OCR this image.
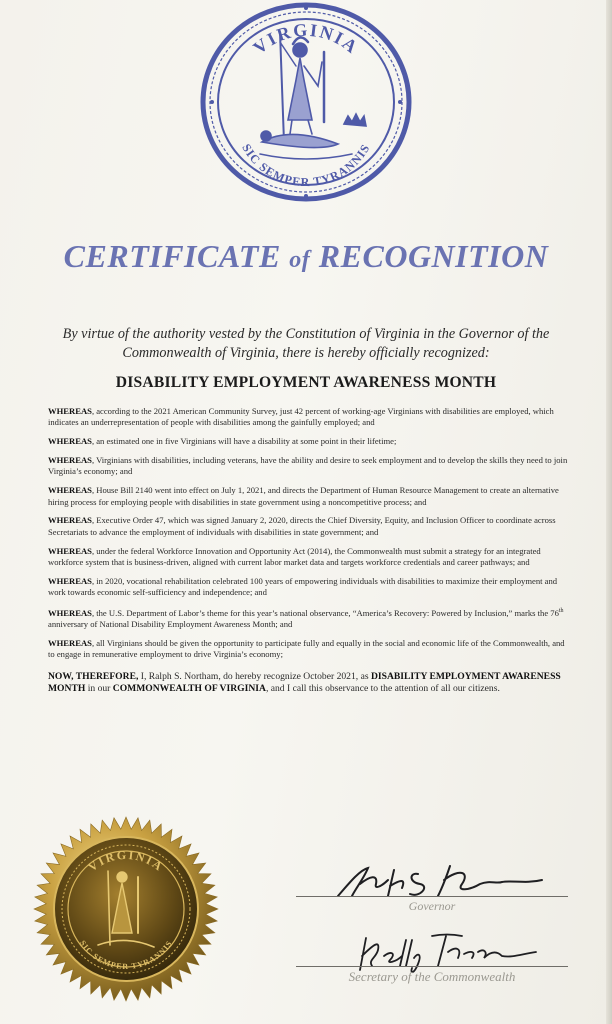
VIRGINIA
SIC SEMPER TYRANNIS
CERTIFICATE of RECOGNITION
By virtue of the authority vested by the Constitution of Virginia in the Governor of the Commonwealth of Virginia, there is hereby officially recognized:
DISABILITY EMPLOYMENT AWARENESS MONTH

WHEREAS, according to the 2021 American Community Survey, just 42 percent of working-age Virginians with disabilities are employed, which indicates an underrepresentation of people with disabilities among the gainfully employed; and

WHEREAS, an estimated one in five Virginians will have a disability at some point in their lifetime;

WHEREAS, Virginians with disabilities, including veterans, have the ability and desire to seek employment and to develop the skills they need to join Virginia’s economy; and

WHEREAS, House Bill 2140 went into effect on July 1, 2021, and directs the Department of Human Resource Management to create an alternative hiring process for employing people with disabilities in state government using a noncompetitive process; and

WHEREAS, Executive Order 47, which was signed January 2, 2020, directs the Chief Diversity, Equity, and Inclusion Officer to coordinate across Secretariats to advance the employment of individuals with disabilities in state government; and

WHEREAS, under the federal Workforce Innovation and Opportunity Act (2014), the Commonwealth must submit a strategy for an integrated workforce system that is business-driven, aligned with current labor market data and targets workforce credentials and career pathways; and

WHEREAS, in 2020, vocational rehabilitation celebrated 100 years of empowering individuals with disabilities to maximize their employment and work towards economic self-sufficiency and independence; and

WHEREAS, the U.S. Department of Labor’s theme for this year’s national observance, “America’s Recovery: Powered by Inclusion,” marks the 76th anniversary of National Disability Employment Awareness Month; and

WHEREAS, all Virginians should be given the opportunity to participate fully and equally in the social and economic life of the Commonwealth, and to engage in remunerative employment to drive Virginia’s economy;

NOW, THEREFORE, I, Ralph S. Northam, do hereby recognize October 2021, as DISABILITY EMPLOYMENT AWARENESS MONTH in our COMMONWEALTH OF VIRGINIA, and I call this observance to the attention of all our citizens.

VIRGINIA
SIC SEMPER TYRANNIS
Governor
Secretary of the Commonwealth
